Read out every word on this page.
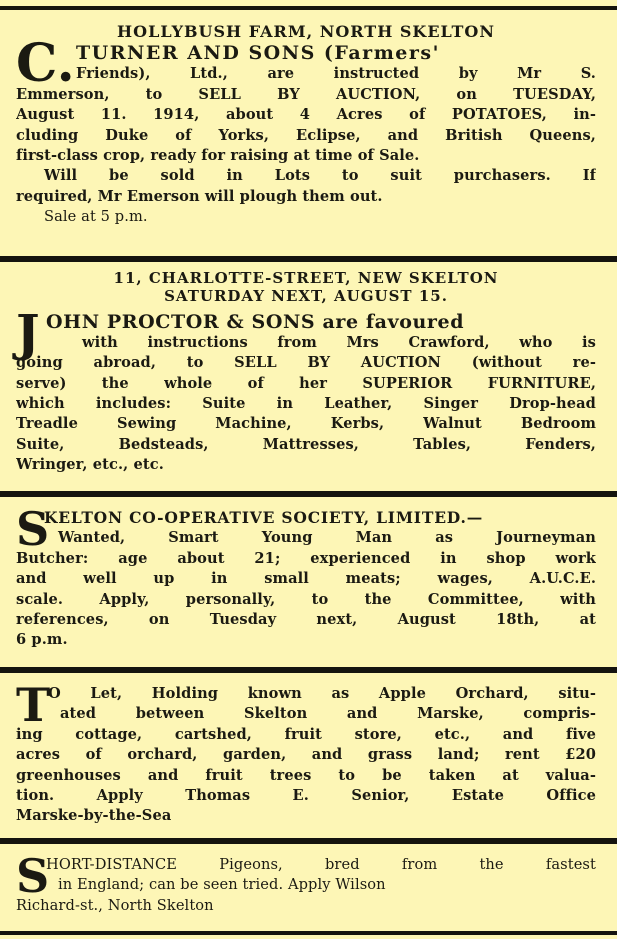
HOLLYBUSH FARM, NORTH SKELTON
C. TURNER AND SONS (Farmers'
Friends), Ltd., are instructed by Mr S.
Emmerson, to SELL BY AUCTION, on TUESDAY,
August 11. 1914, about 4 Acres of POTATOES, in-
cluding Duke of Yorks, Eclipse, and British Queens,
first-class crop, ready for raising at time of Sale.
Will be sold in Lots to suit purchasers. If
required, Mr Emerson will plough them out.
Sale at 5 p.m.
11, CHARLOTTE-STREET, NEW SKELTON
SATURDAY NEXT, AUGUST 15.
J OHN PROCTOR & SONS are favoured
with instructions from Mrs Crawford, who is
going abroad, to SELL BY AUCTION (without re-
serve) the whole of her SUPERIOR FURNITURE,
which includes: Suite in Leather, Singer Drop-head
Treadle Sewing Machine, Kerbs, Walnut Bedroom
Suite, Bedsteads, Mattresses, Tables, Fenders,
Wringer, etc., etc.
S
KELTON CO-OPERATIVE SOCIETY, LIMITED.—
Wanted, Smart Young Man as Journeyman
Butcher: age about 21; experienced in shop work
and well up in small meats; wages, A.U.C.E.
scale. Apply, personally, to the Committee, with
references, on Tuesday next, August 18th, at
6 p.m.
T
O Let, Holding known as Apple Orchard, situ-
ated between Skelton and Marske, compris-
ing cottage, cartshed, fruit store, etc., and five
acres of orchard, garden, and grass land; rent £20
greenhouses and fruit trees to be taken at valua-
tion. Apply Thomas E. Senior, Estate Office
Marske-by-the-Sea
S
HORT-DISTANCE Pigeons, bred from the fastest
in England; can be seen tried. Apply Wilson
Richard-st., North Skelton
